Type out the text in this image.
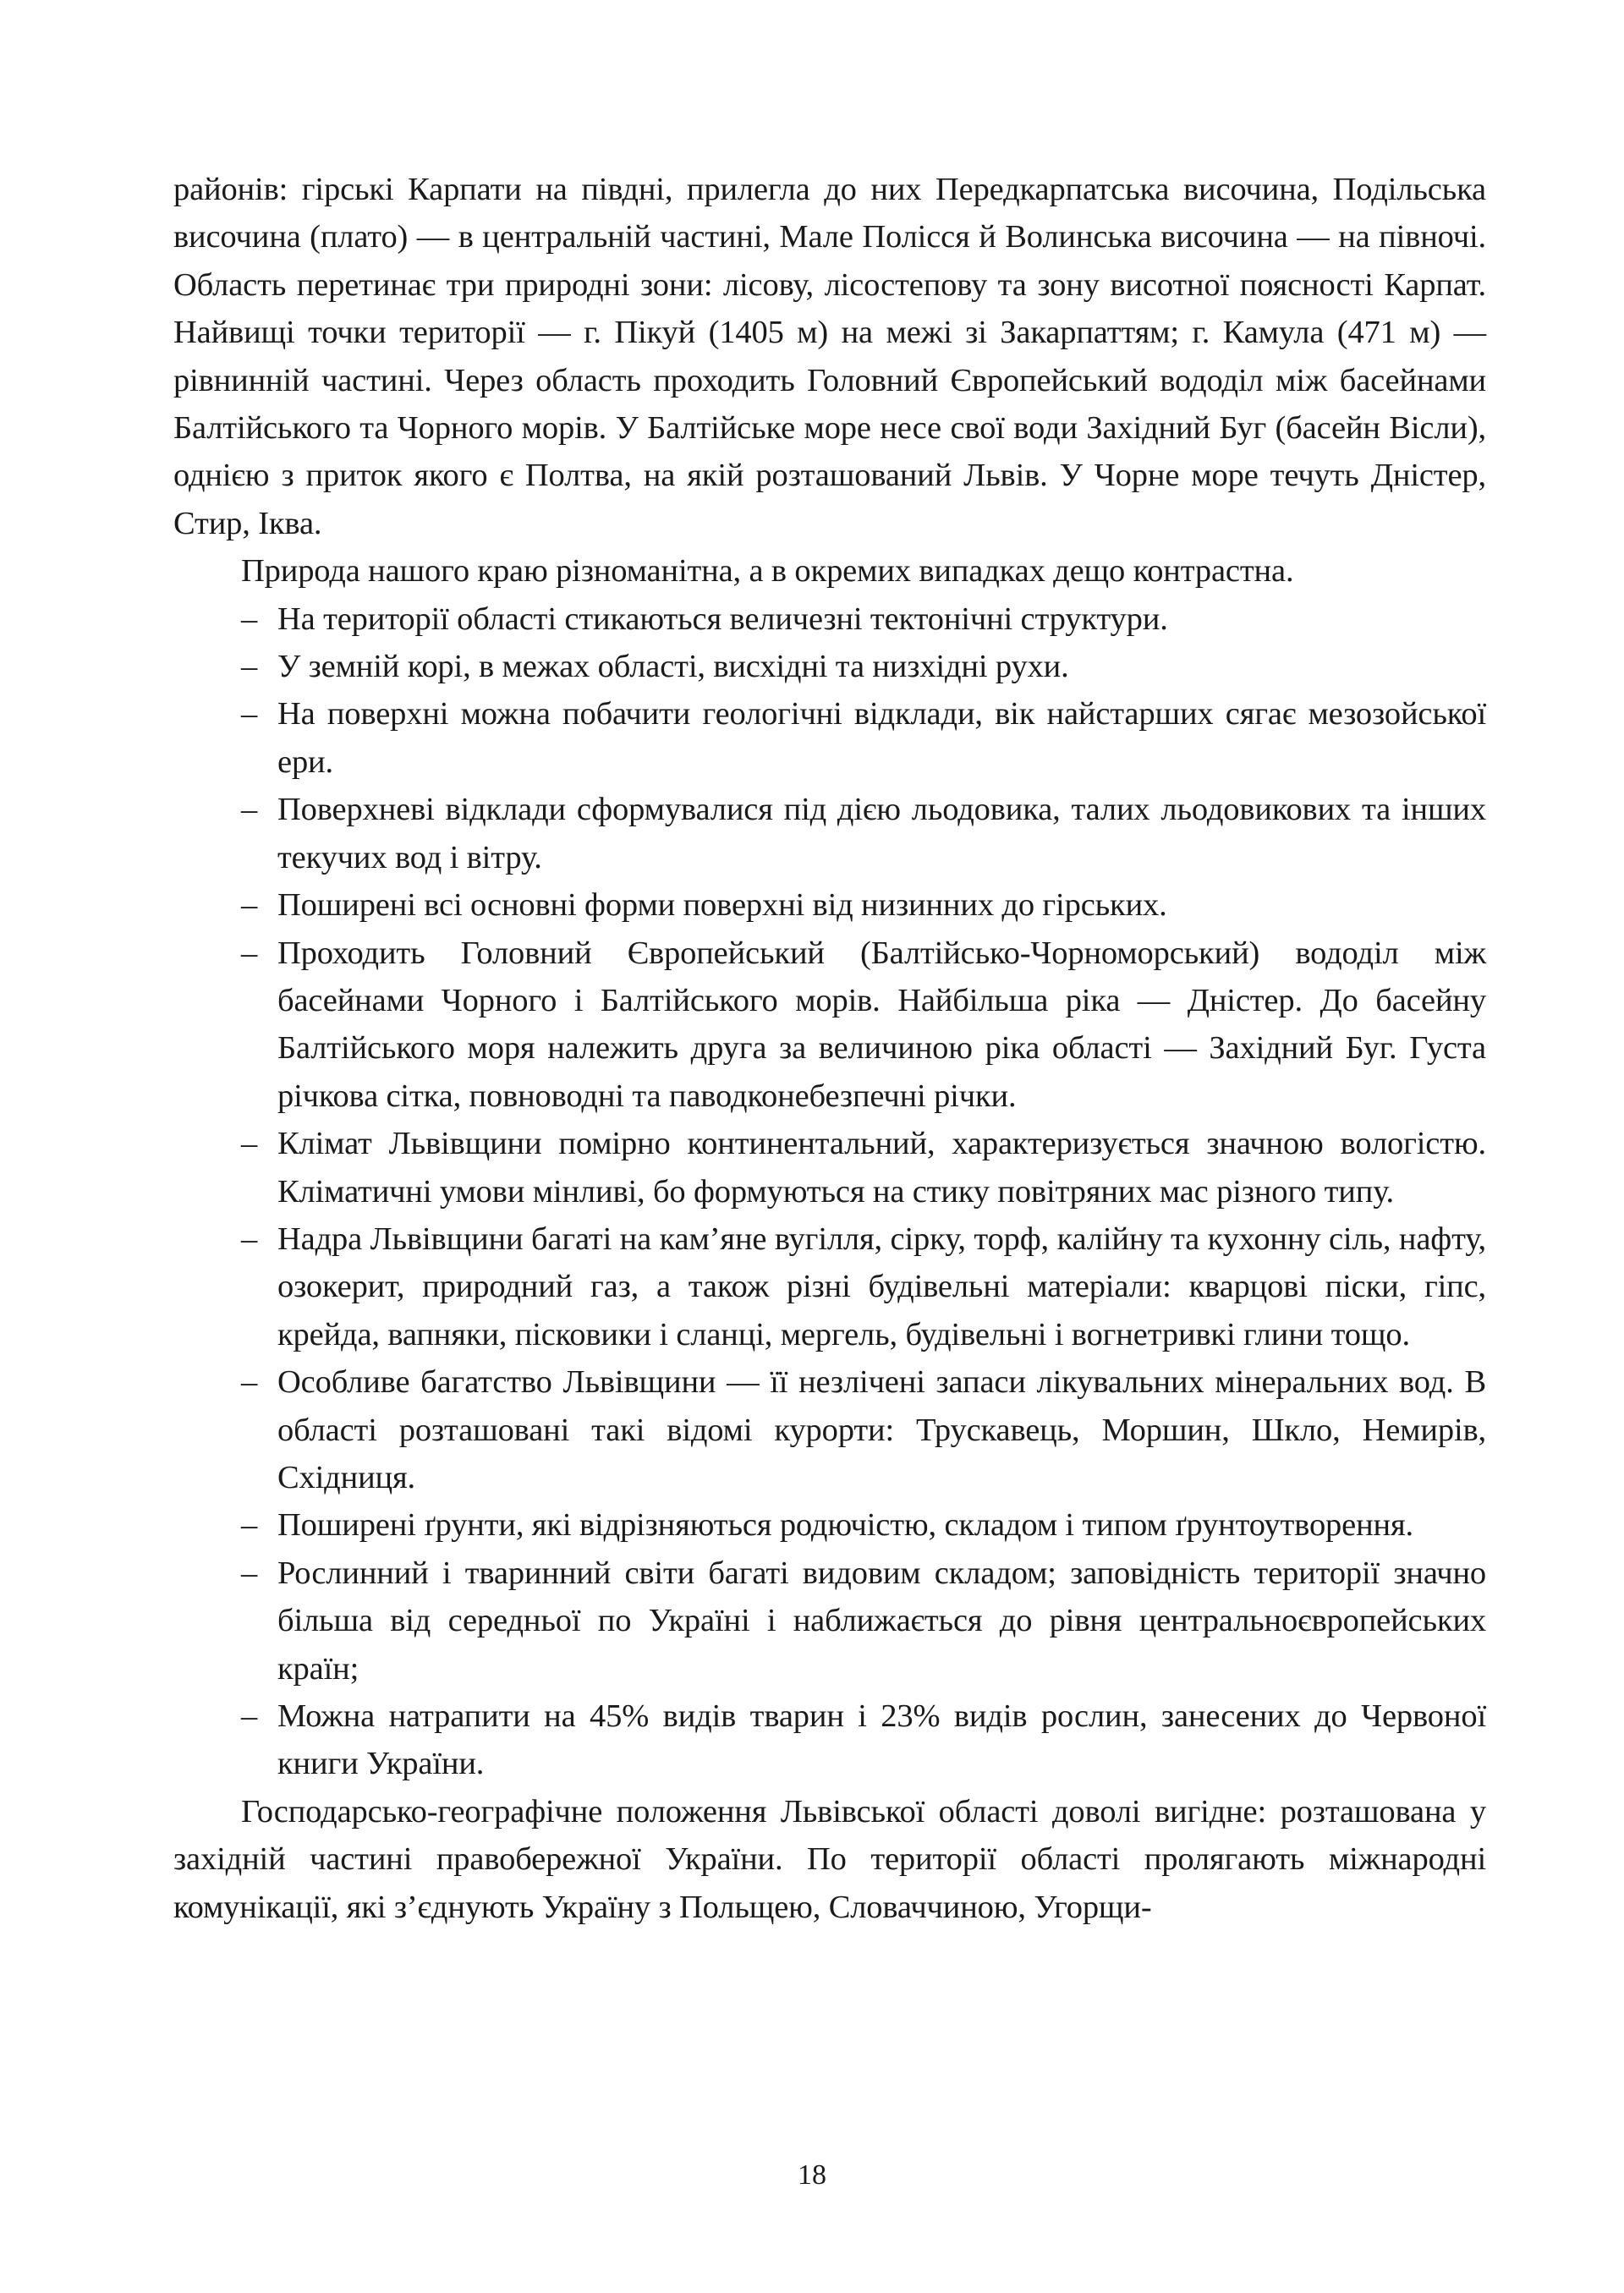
районів: гірські Карпати на півдні, прилегла до них Передкарпатська височина, Подільська височина (плато) — в центральній частині, Мале Полісся й Волинська височина — на півночі. Область перетинає три природні зони: лісову, лісостепову та зону висотної поясності Карпат. Найвищі точки території — г. Пікуй (1405 м) на межі зі Закарпаттям; г. Камула (471 м) — рівнинній частині. Через область проходить Головний Європейський вододіл між басейнами Балтійського та Чорного морів. У Балтійське море несе свої води Західний Буг (басейн Вісли), однією з приток якого є Полтва, на якій розташований Львів. У Чорне море течуть Дністер, Стир, Іква.

Природа нашого краю різноманітна, а в окремих випадках дещо контрастна.

– На території області стикаються величезні тектонічні структури.
– У земній корі, в межах області, висхідні та низхідні рухи.
– На поверхні можна побачити геологічні відклади, вік найстарших сягає мезозойської ери.
– Поверхневі відклади сформувалися під дією льодовика, талих льодовикових та інших текучих вод і вітру.
– Поширені всі основні форми поверхні від низинних до гірських.
– Проходить Головний Європейський (Балтійсько-Чорноморський) вододіл між басейнами Чорного і Балтійського морів. Найбільша ріка — Дністер. До басейну Балтійського моря належить друга за величиною ріка області — Західний Буг. Густа річкова сітка, повноводні та паводконебезпечні річки.
– Клімат Львівщини помірно континентальний, характеризується значною вологістю. Кліматичні умови мінливі, бо формуються на стику повітряних мас різного типу.
– Надра Львівщини багаті на кам’яне вугілля, сірку, торф, калійну та кухонну сіль, нафту, озокерит, природний газ, а також різні будівельні матеріали: кварцові піски, гіпс, крейда, вапняки, пісковики і сланці, мергель, будівельні і вогнетривкі глини тощо.
– Особливе багатство Львівщини — її незлічені запаси лікувальних мінеральних вод. В області розташовані такі відомі курорти: Трускавець, Моршин, Шкло, Немирів, Східниця.
– Поширені ґрунти, які відрізняються родючістю, складом і типом ґрунтоутворення.
– Рослинний і тваринний світи багаті видовим складом; заповідність території значно більша від середньої по Україні і наближається до рівня центральноєвропейських країн;
– Можна натрапити на 45% видів тварин і 23% видів рослин, занесених до Червоної книги України.

Господарсько-географічне положення Львівської області доволі вигідне: розташована у західній частині правобережної України. По території області пролягають міжнародні комунікації, які з’єднують Україну з Польщею, Словаччиною, Угорщи-

18
